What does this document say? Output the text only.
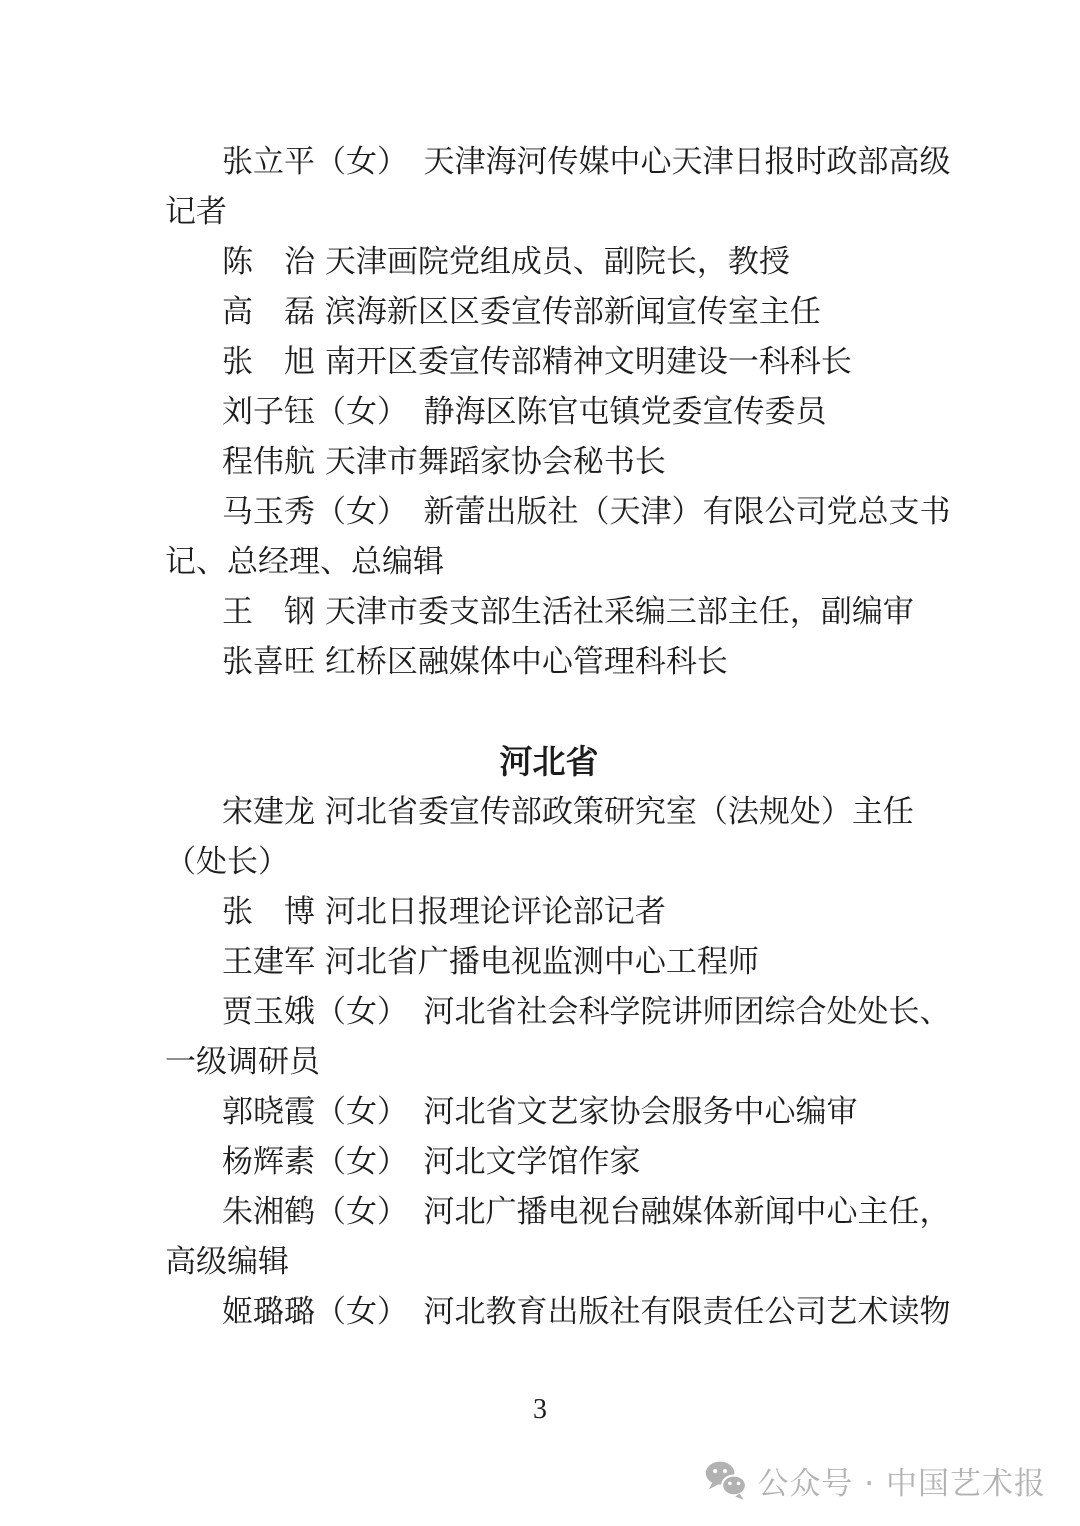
张立平（女）　天津海河传媒中心天津日报时政部高级
记者
陈　治 天津画院党组成员、副院长，教授
高　磊 滨海新区区委宣传部新闻宣传室主任
张　旭 南开区委宣传部精神文明建设一科科长
刘子钰（女）　静海区陈官屯镇党委宣传委员
程伟航 天津市舞蹈家协会秘书长
马玉秀（女）　新蕾出版社（天津）有限公司党总支书
记、总经理、总编辑
王　钢 天津市委支部生活社采编三部主任，副编审
张喜旺 红桥区融媒体中心管理科科长
河北省
宋建龙 河北省委宣传部政策研究室（法规处）主任
（处长）
张　博 河北日报理论评论部记者
王建军 河北省广播电视监测中心工程师
贾玉娥（女）　河北省社会科学院讲师团综合处处长、
一级调研员
郭晓霞（女）　河北省文艺家协会服务中心编审
杨辉素（女）　河北文学馆作家
朱湘鹤（女）　河北广播电视台融媒体新闻中心主任，
高级编辑
姬璐璐（女）　河北教育出版社有限责任公司艺术读物
3
公众号 · 中国艺术报
